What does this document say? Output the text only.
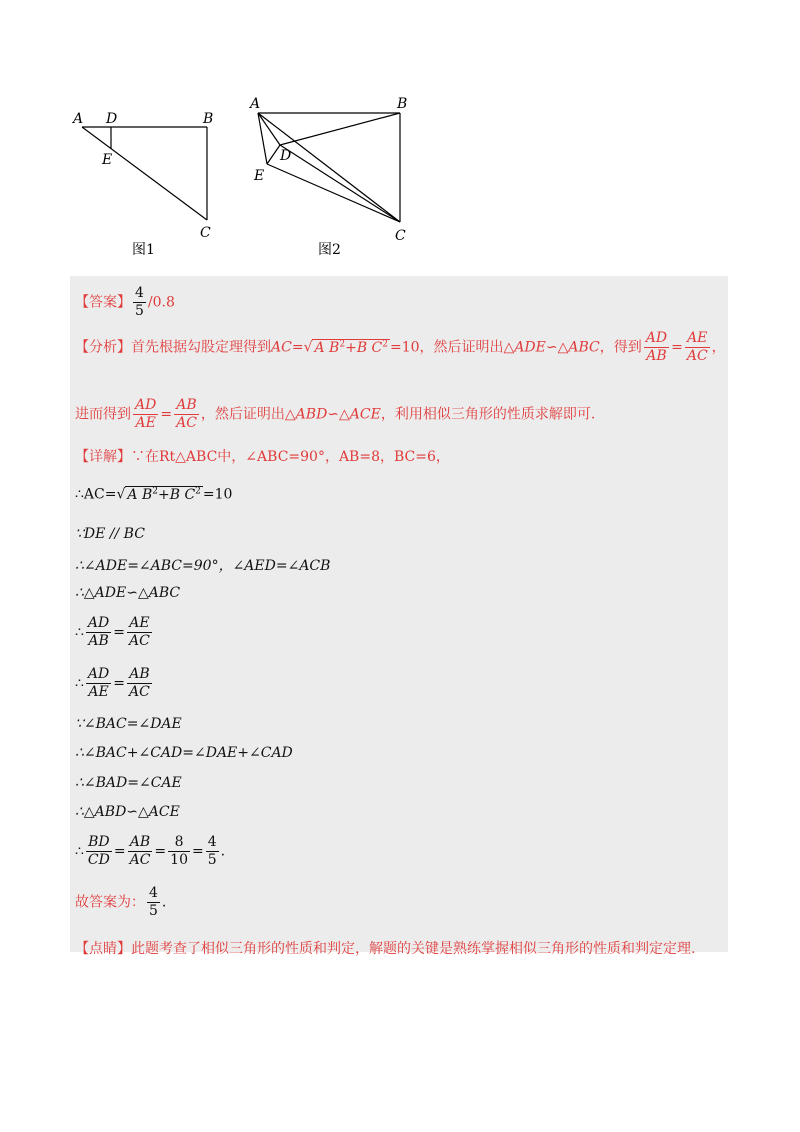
A D	B
E
C
图1
A	B
D
E
C
图2
【答案】 $\frac{4}{5} /0.8$
【分析】首先根据勾股定理得到AC=√ A $B^2+B$ $C^2 =10$，然后证明出△ADE∽△ABC，得到 $\frac{AD}{AB} = \frac{AE}{AC}$ ，
进而得到 $\frac{AD}{AE} = \frac{AB}{AC}$ ，然后证明出△ABD∽△ACE，利用相似三角形的性质求解即可.
【详解】∵在Rt△ABC中，∠ABC=90°，AB=8，BC=6，
∴AC=√ A $B^2+B$ $C^2 =10$
∵DE // BC
∴∠ADE=∠ABC=90°，∠AED=∠ACB
∴△ADE∽△ABC
∴ $\frac{AD}{AB} = \frac{AE}{AC}$
∴ $\frac{AD}{AE} = \frac{AB}{AC}$
∵∠BAC=∠DAE
∴∠BAC+∠CAD=∠DAE+∠CAD
∴∠BAD=∠CAE
∴△ABD∽△ACE
∴ $\frac{BD}{CD} = \frac{AB}{AC} = \frac{8}{10} = \frac{4}{5}$ .
故答案为： $\frac{4}{5}$ .
【点睛】此题考查了相似三角形的性质和判定，解题的关键是熟练掌握相似三角形的性质和判定定理.
